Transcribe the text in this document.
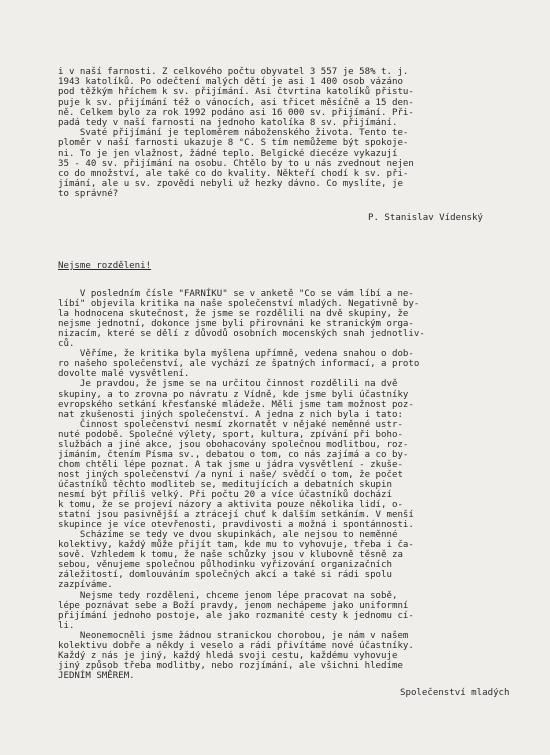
i v naší farnosti. Z celkového počtu obyvatel 3 557 je 58% t. j.
1943 katolíků. Po odečtení malých dětí je asi 1 400 osob vázáno
pod těžkým hříchem k sv. přijímání. Asi čtvrtina katolíků přistu-
puje k sv. přijímání též o vánocích, asi třicet měsíčně a 15 den-
ně. Celkem bylo za rok 1992 podáno asi 16 000 sv. přijímání. Při-
padá tedy v naší farnosti na jednoho katolíka 8 sv. přijímání.
Svaté přijímání je teploměrem náboženského života. Tento te-
ploměr v naší farnosti ukazuje 8 °C. S tím nemůžeme být spokoje-
ni. To je jen vlažnost, žádné teplo. Belgické diecéze vykazují
35 - 40 sv. přijímání na osobu. Chtělo by to u nás zvednout nejen
co do množství, ale také co do kvality. Někteří chodí k sv. při-
jímání, ale u sv. zpovědi nebyli už hezky dávno. Co myslíte, je
to správné?
P. Stanislav Vídenský
Nejsme rozděleni!
V posledním čísle "FARNÍKU" se v anketě "Co se vám líbí a ne-
líbí" objevila kritika na naše společenství mladých. Negativně by-
la hodnocena skutečnost, že jsme se rozdělili na dvě skupiny, že
nejsme jednotní, dokonce jsme byli přirovnáni ke stranickým orga-
nizacím, které se dělí z důvodů osobních mocenských snah jednotliv-
ců.
Věříme, že kritika byla myšlena upřímně, vedena snahou o dob-
ro našeho společenství, ale vychází ze špatných informací, a proto
dovolte malé vysvětlení.
Je pravdou, že jsme se na určitou činnost rozdělili na dvě
skupiny, a to zrovna po návratu z Vídně, kde jsme byli účastníky
evropského setkání křesťanské mládeže. Měli jsme tam možnost poz-
nat zkušenosti jiných společenství. A jedna z nich byla i tato:
Činnost společenství nesmí zkornatět v nějaké neměnné ustr-
nuté podobě. Společné výlety, sport, kultura, zpívání při boho-
službách a jiné akce, jsou obohacovány společnou modlitbou, roz-
jímáním, čtením Písma sv., debatou o tom, co nás zajímá a co by-
chom chtěli lépe poznat. A tak jsme u jádra vysvětlení - zkuše-
nost jiných společenství /a nyní i naše/ svědčí o tom, že počet
účastníků těchto modliteb se, meditujících a debatních skupin
nesmí být příliš velký. Při počtu 20 a více účastníků dochází
k tomu, že se projeví názory a aktivita pouze několika lidí, o-
statní jsou pasivnější a ztrácejí chuť k dalším setkáním. V menší
skupince je více otevřenosti, pravdivosti a možná i spontánnosti.
Scházíme se tedy ve dvou skupinkách, ale nejsou to neměnné
kolektivy, každý může přijít tam, kde mu to vyhovuje, třeba i ča-
sově. Vzhledem k tomu, že naše schůzky jsou v klubovně těsně za
sebou, věnujeme společnou půlhodinku vyřizování organizačních
záležitostí, domlouváním společných akcí a také si rádi spolu
zazpíváme.
Nejsme tedy rozděleni, chceme jenom lépe pracovat na sobě,
lépe poznávat sebe a Boží pravdy, jenom nechápeme jako uniformní
přijímání jednoho postoje, ale jako rozmanité cesty k jednomu cí-
li.
Neonemocněli jsme žádnou stranickou chorobou, je nám v našem
kolektivu dobře a někdy i veselo a rádi přivítáme nové účastníky.
Každý z nás je jiný, každý hledá svoji cestu, každému vyhovuje
jiný způsob třeba modlitby, nebo rozjímání, ale všichni hledíme
JEDNÍM SMĚREM.
Společenství mladých
